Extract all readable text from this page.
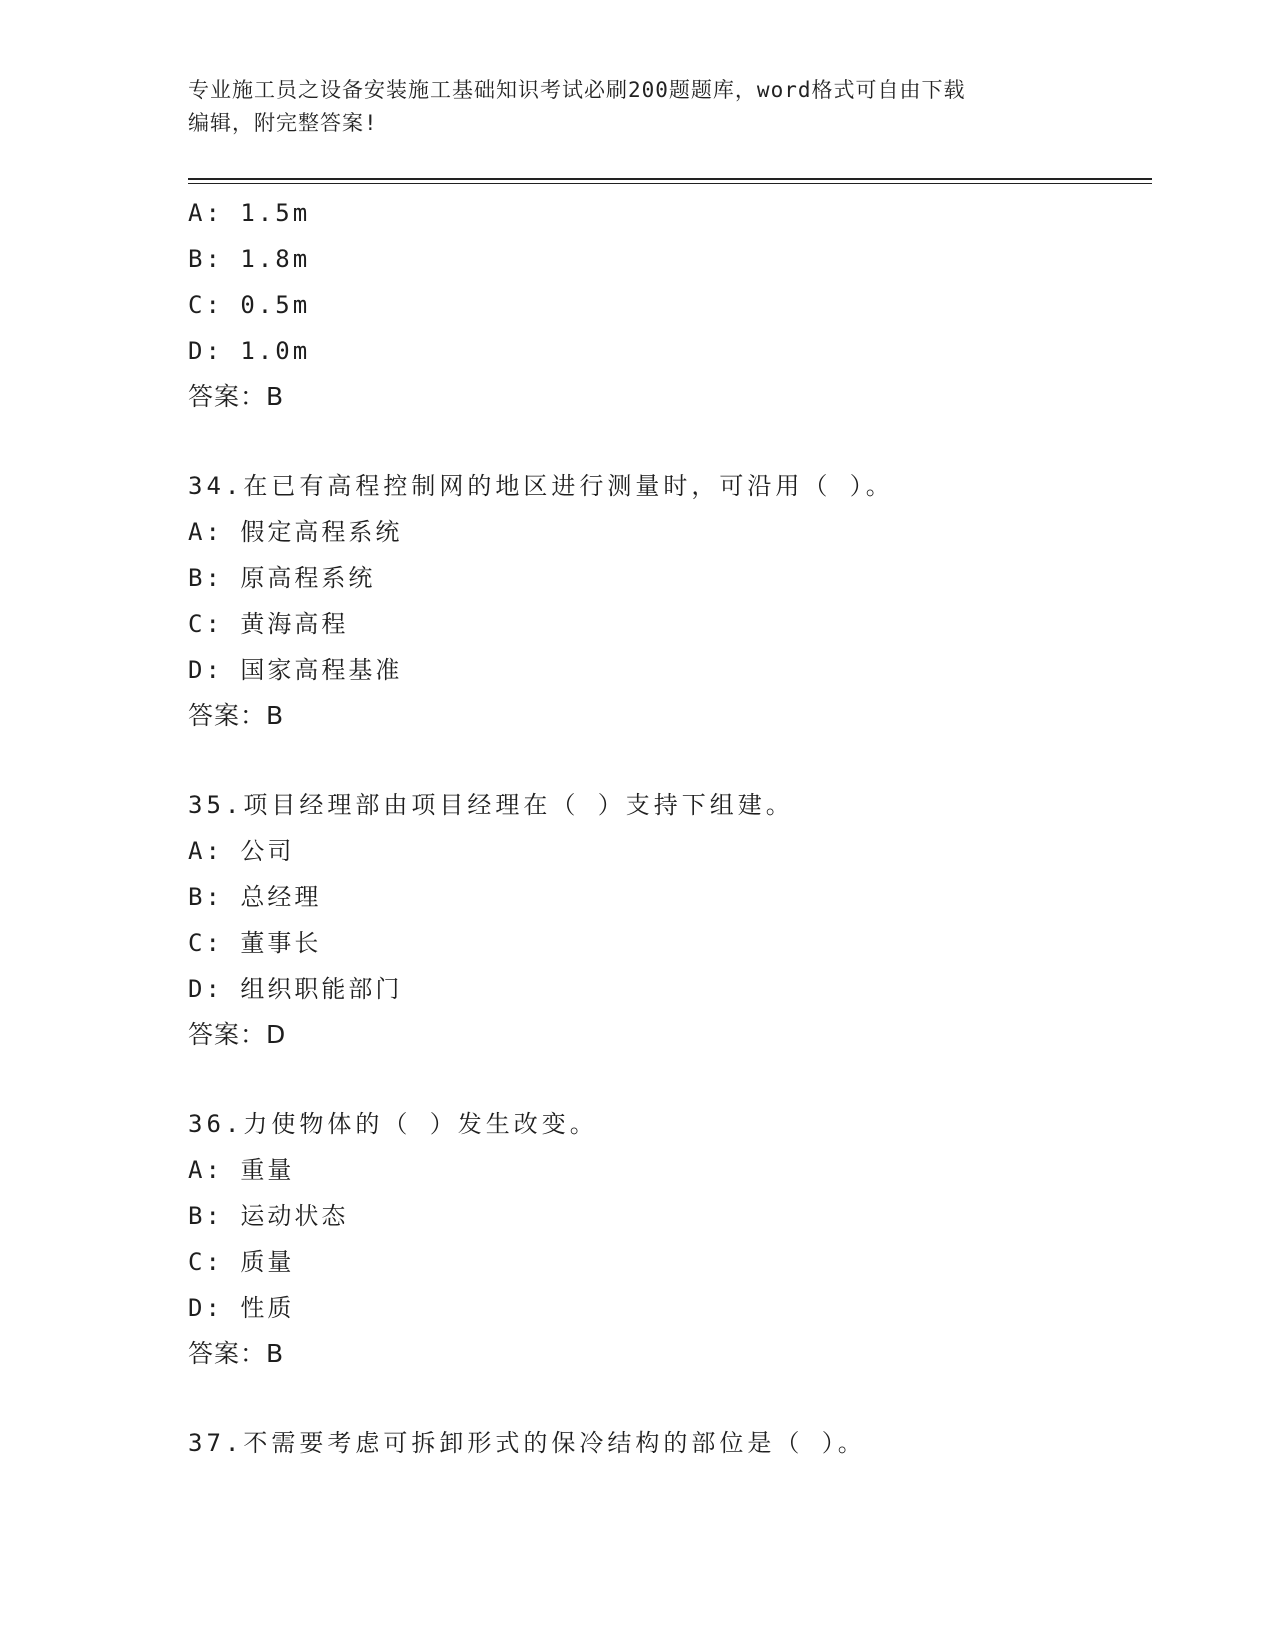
专业施工员之设备安装施工基础知识考试必刷200题题库，word格式可自由下载
编辑，附完整答案!
A: 1.5m
B: 1.8m
C: 0.5m
D: 1.0m
答案：B
34.在已有高程控制网的地区进行测量时，可沿用（ ）。
A: 假定高程系统
B: 原高程系统
C: 黄海高程
D: 国家高程基准
答案：B
35.项目经理部由项目经理在（ ）支持下组建。
A: 公司
B: 总经理
C: 董事长
D: 组织职能部门
答案：D
36.力使物体的（ ）发生改变。
A: 重量
B: 运动状态
C: 质量
D: 性质
答案：B
37.不需要考虑可拆卸形式的保冷结构的部位是（ ）。
